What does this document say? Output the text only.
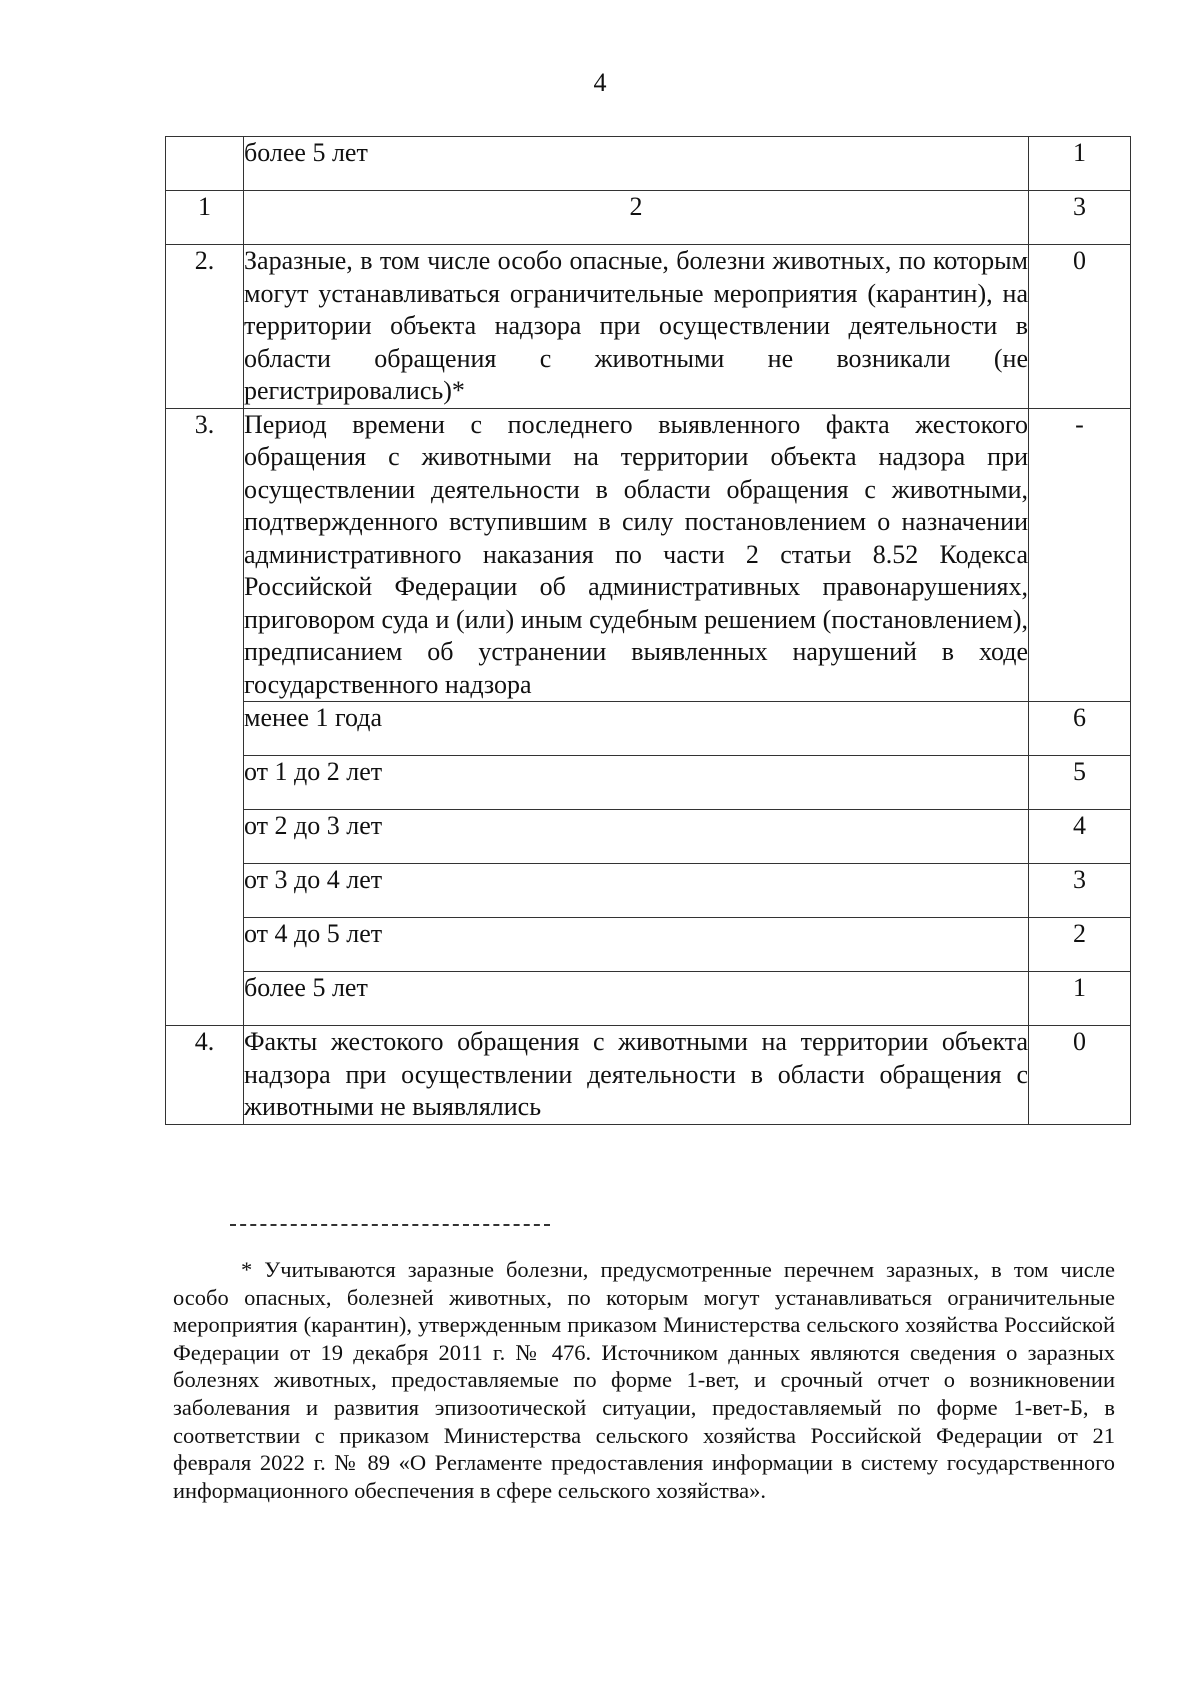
4
	более 5 лет	1
1	2	3
2.	Заразные, в том числе особо опасные, болезни животных, по которым могут устанавливаться ограничительные мероприятия (карантин), на территории объекта надзора при осуществлении деятельности в области обращения с животными не возникали (не регистрировались)*	0
3.	Период времени с последнего выявленного факта жестокого обращения с животными на территории объекта надзора при осуществлении деятельности в области обращения с животными, подтвержденного вступившим в силу постановлением о назначении административного наказания по части 2 статьи 8.52 Кодекса Российской Федерации об административных правонарушениях, приговором суда и (или) иным судебным решением (постановлением), предписанием об устранении выявленных нарушений в ходе государственного надзора	-
	менее 1 года	6
	от 1 до 2 лет	5
	от 2 до 3 лет	4
	от 3 до 4 лет	3
	от 4 до 5 лет	2
	более 5 лет	1
4.	Факты жестокого обращения с животными на территории объекта надзора при осуществлении деятельности в области обращения с животными не выявлялись	0
* Учитываются заразные болезни, предусмотренные перечнем заразных, в том числе особо опасных, болезней животных, по которым могут устанавливаться ограничительные мероприятия (карантин), утвержденным приказом Министерства сельского хозяйства Российской Федерации от 19 декабря 2011 г. № 476. Источником данных являются сведения о заразных болезнях животных, предоставляемые по форме 1-вет, и срочный отчет о возникновении заболевания и развития эпизоотической ситуации, предоставляемый по форме 1-вет-Б, в соответствии с приказом Министерства сельского хозяйства Российской Федерации от 21 февраля 2022 г. № 89 «О Регламенте предоставления информации в систему государственного информационного обеспечения в сфере сельского хозяйства».
